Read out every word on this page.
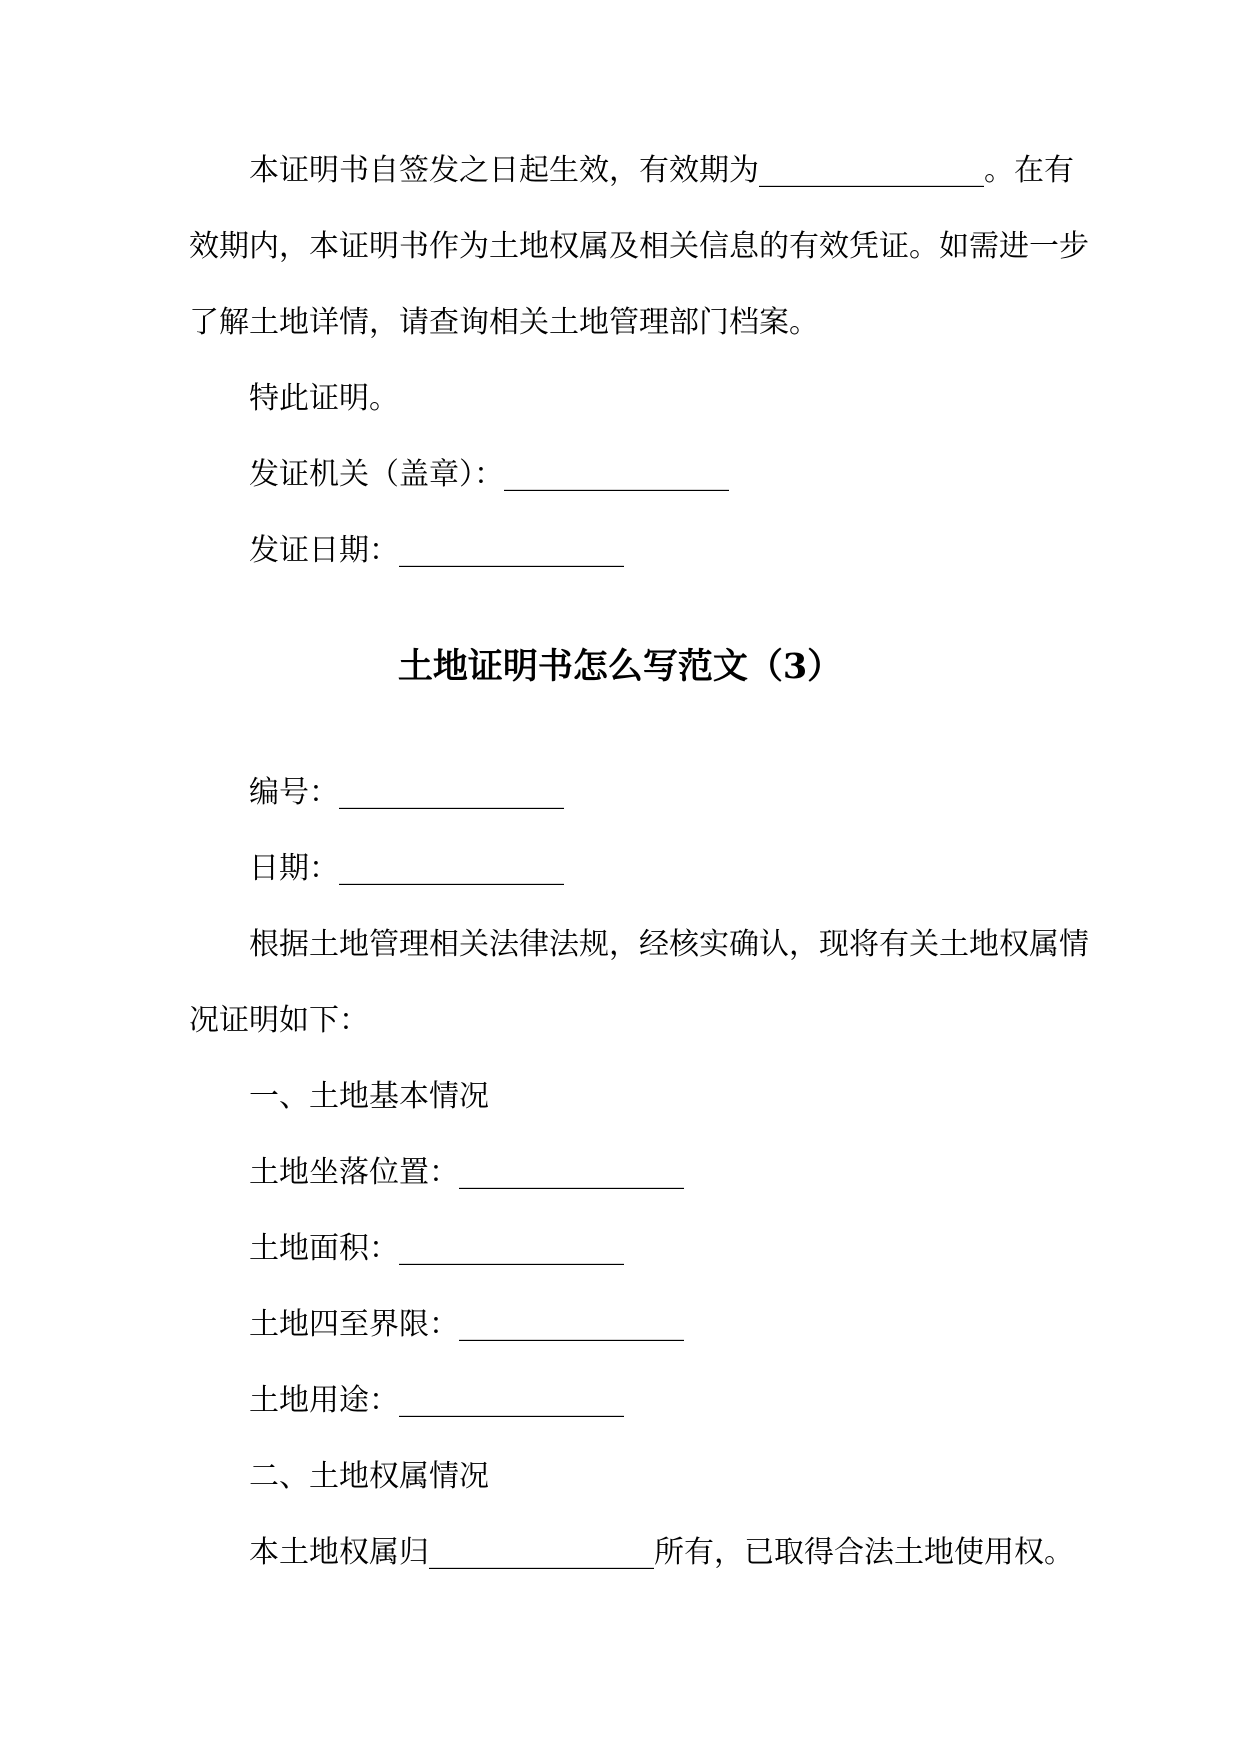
本证明书自签发之日起生效，有效期为_______________。在有
效期内，本证明书作为土地权属及相关信息的有效凭证。如需进一步
了解土地详情，请查询相关土地管理部门档案。
特此证明。
发证机关（盖章）：_______________
发证日期：_______________
土地证明书怎么写范文（3）
编号：_______________
日期：_______________
根据土地管理相关法律法规，经核实确认，现将有关土地权属情
况证明如下：
一、土地基本情况
土地坐落位置：_______________
土地面积：_______________
土地四至界限：_______________
土地用途：_______________
二、土地权属情况
本土地权属归_______________所有，已取得合法土地使用权。
